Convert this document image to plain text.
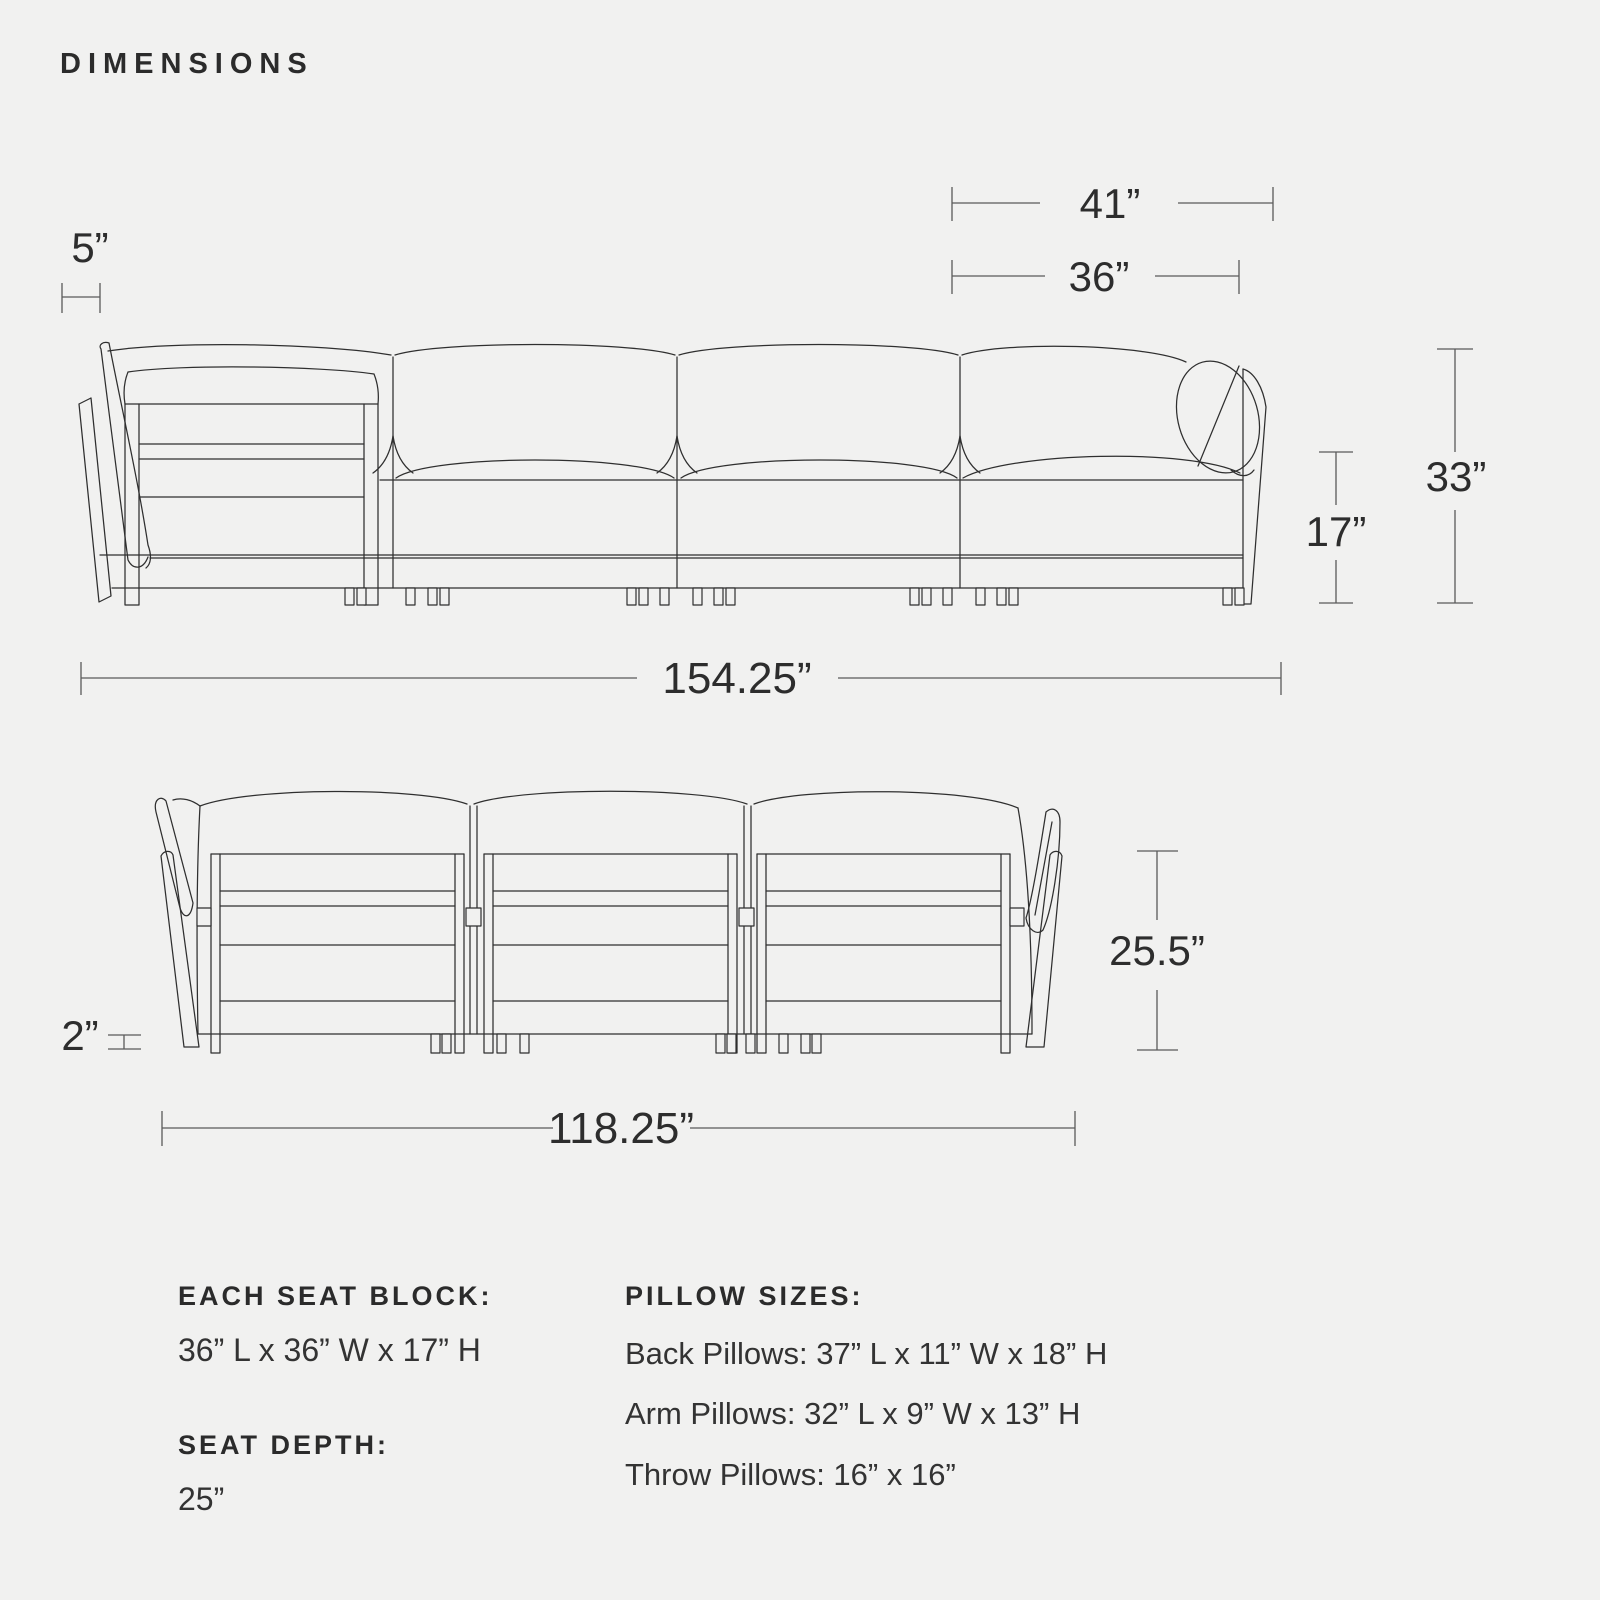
DIMENSIONS
5”
41”
36”
33”
17”
154.25”
2”
25.5”
118.25”
EACH SEAT BLOCK:
36” L x 36” W x 17” H
SEAT DEPTH:
25”
PILLOW SIZES:
Back Pillows: 37” L x 11” W x 18” H
Arm Pillows: 32” L x 9” W x 13” H
Throw Pillows: 16” x 16”
